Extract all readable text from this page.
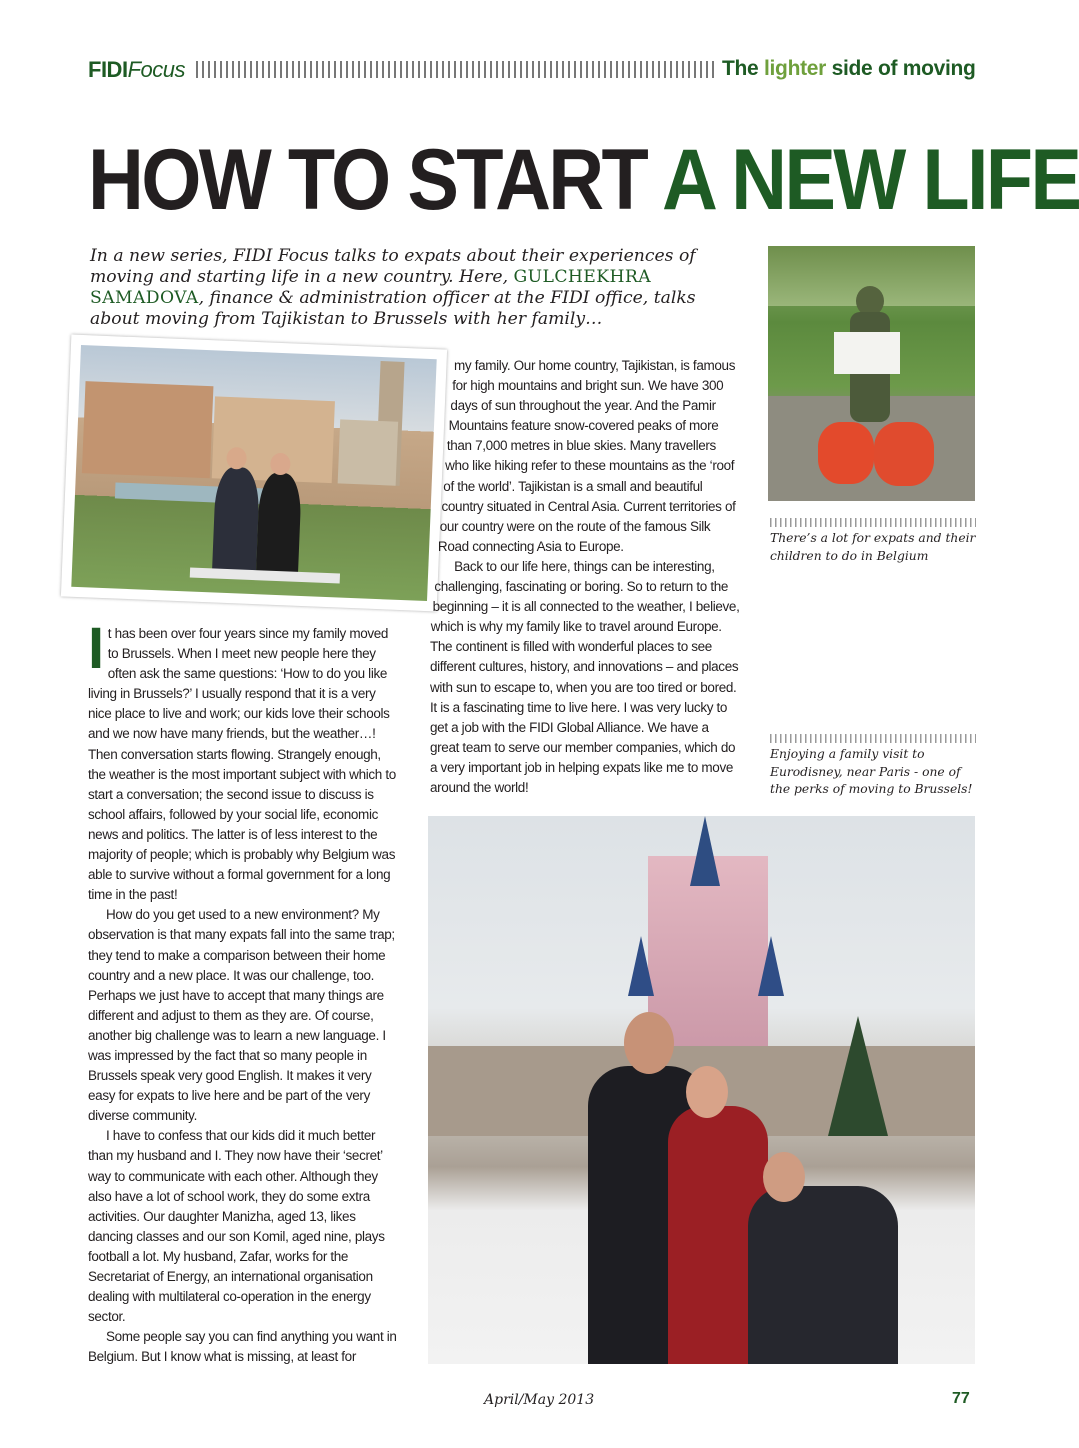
FIDIFocus	The lighter side of moving
HOW TO START A NEW LIFE
In a new series, FIDI Focus talks to expats about their experiences of moving and starting life in a new country. Here, GULCHEKHRA SAMADOVA, finance & administration officer at the FIDI office, talks about moving from Tajikistan to Brussels with her family…

It has been over four years since my family moved to Brussels. When I meet new people here they often ask the same questions: ‘How to do you like living in Brussels?’ I usually respond that it is a very nice place to live and work; our kids love their schools and we now have many friends, but the weather…! Then conversation starts flowing. Strangely enough, the weather is the most important subject with which to start a conversation; the second issue to discuss is school affairs, followed by your social life, economic news and politics. The latter is of less interest to the majority of people; which is probably why Belgium was able to survive without a formal government for a long time in the past!

How do you get used to a new environment? My observation is that many expats fall into the same trap; they tend to make a comparison between their home country and a new place. It was our challenge, too. Perhaps we just have to accept that many things are different and adjust to them as they are. Of course, another big challenge was to learn a new language. I was impressed by the fact that so many people in Brussels speak very good English. It makes it very easy for expats to live here and be part of the very diverse community.

I have to confess that our kids did it much better than my husband and I. They now have their ‘secret’ way to communicate with each other. Although they also have a lot of school work, they do some extra activities. Our daughter Manizha, aged 13, likes dancing classes and our son Komil, aged nine, plays football a lot. My husband, Zafar, works for the Secretariat of Energy, an international organisation dealing with multilateral co-operation in the energy sector.

Some people say you can find anything you want in Belgium. But I know what is missing, at least for

my family. Our home country, Tajikistan, is famous for high mountains and bright sun. We have 300 days of sun throughout the year. And the Pamir Mountains feature snow-covered peaks of more than 7,000 metres in blue skies. Many travellers who like hiking refer to these mountains as the ‘roof of the world’. Tajikistan is a small and beautiful country situated in Central Asia. Current territories of our country were on the route of the famous Silk Road connecting Asia to Europe.

Back to our life here, things can be interesting, challenging, fascinating or boring. So to return to the beginning – it is all connected to the weather, I believe, which is why my family like to travel around Europe. The continent is filled with wonderful places to see different cultures, history, and innovations – and places with sun to escape to, when you are too tired or bored. It is a fascinating time to live here. I was very lucky to get a job with the FIDI Global Alliance. We have a great team to serve our member companies, which do a very important job in helping expats like me to move around the world!

There’s a lot for expats and their children to do in Belgium
Enjoying a family visit to Eurodisney, near Paris - one of the perks of moving to Brussels!
April/May 2013	77
